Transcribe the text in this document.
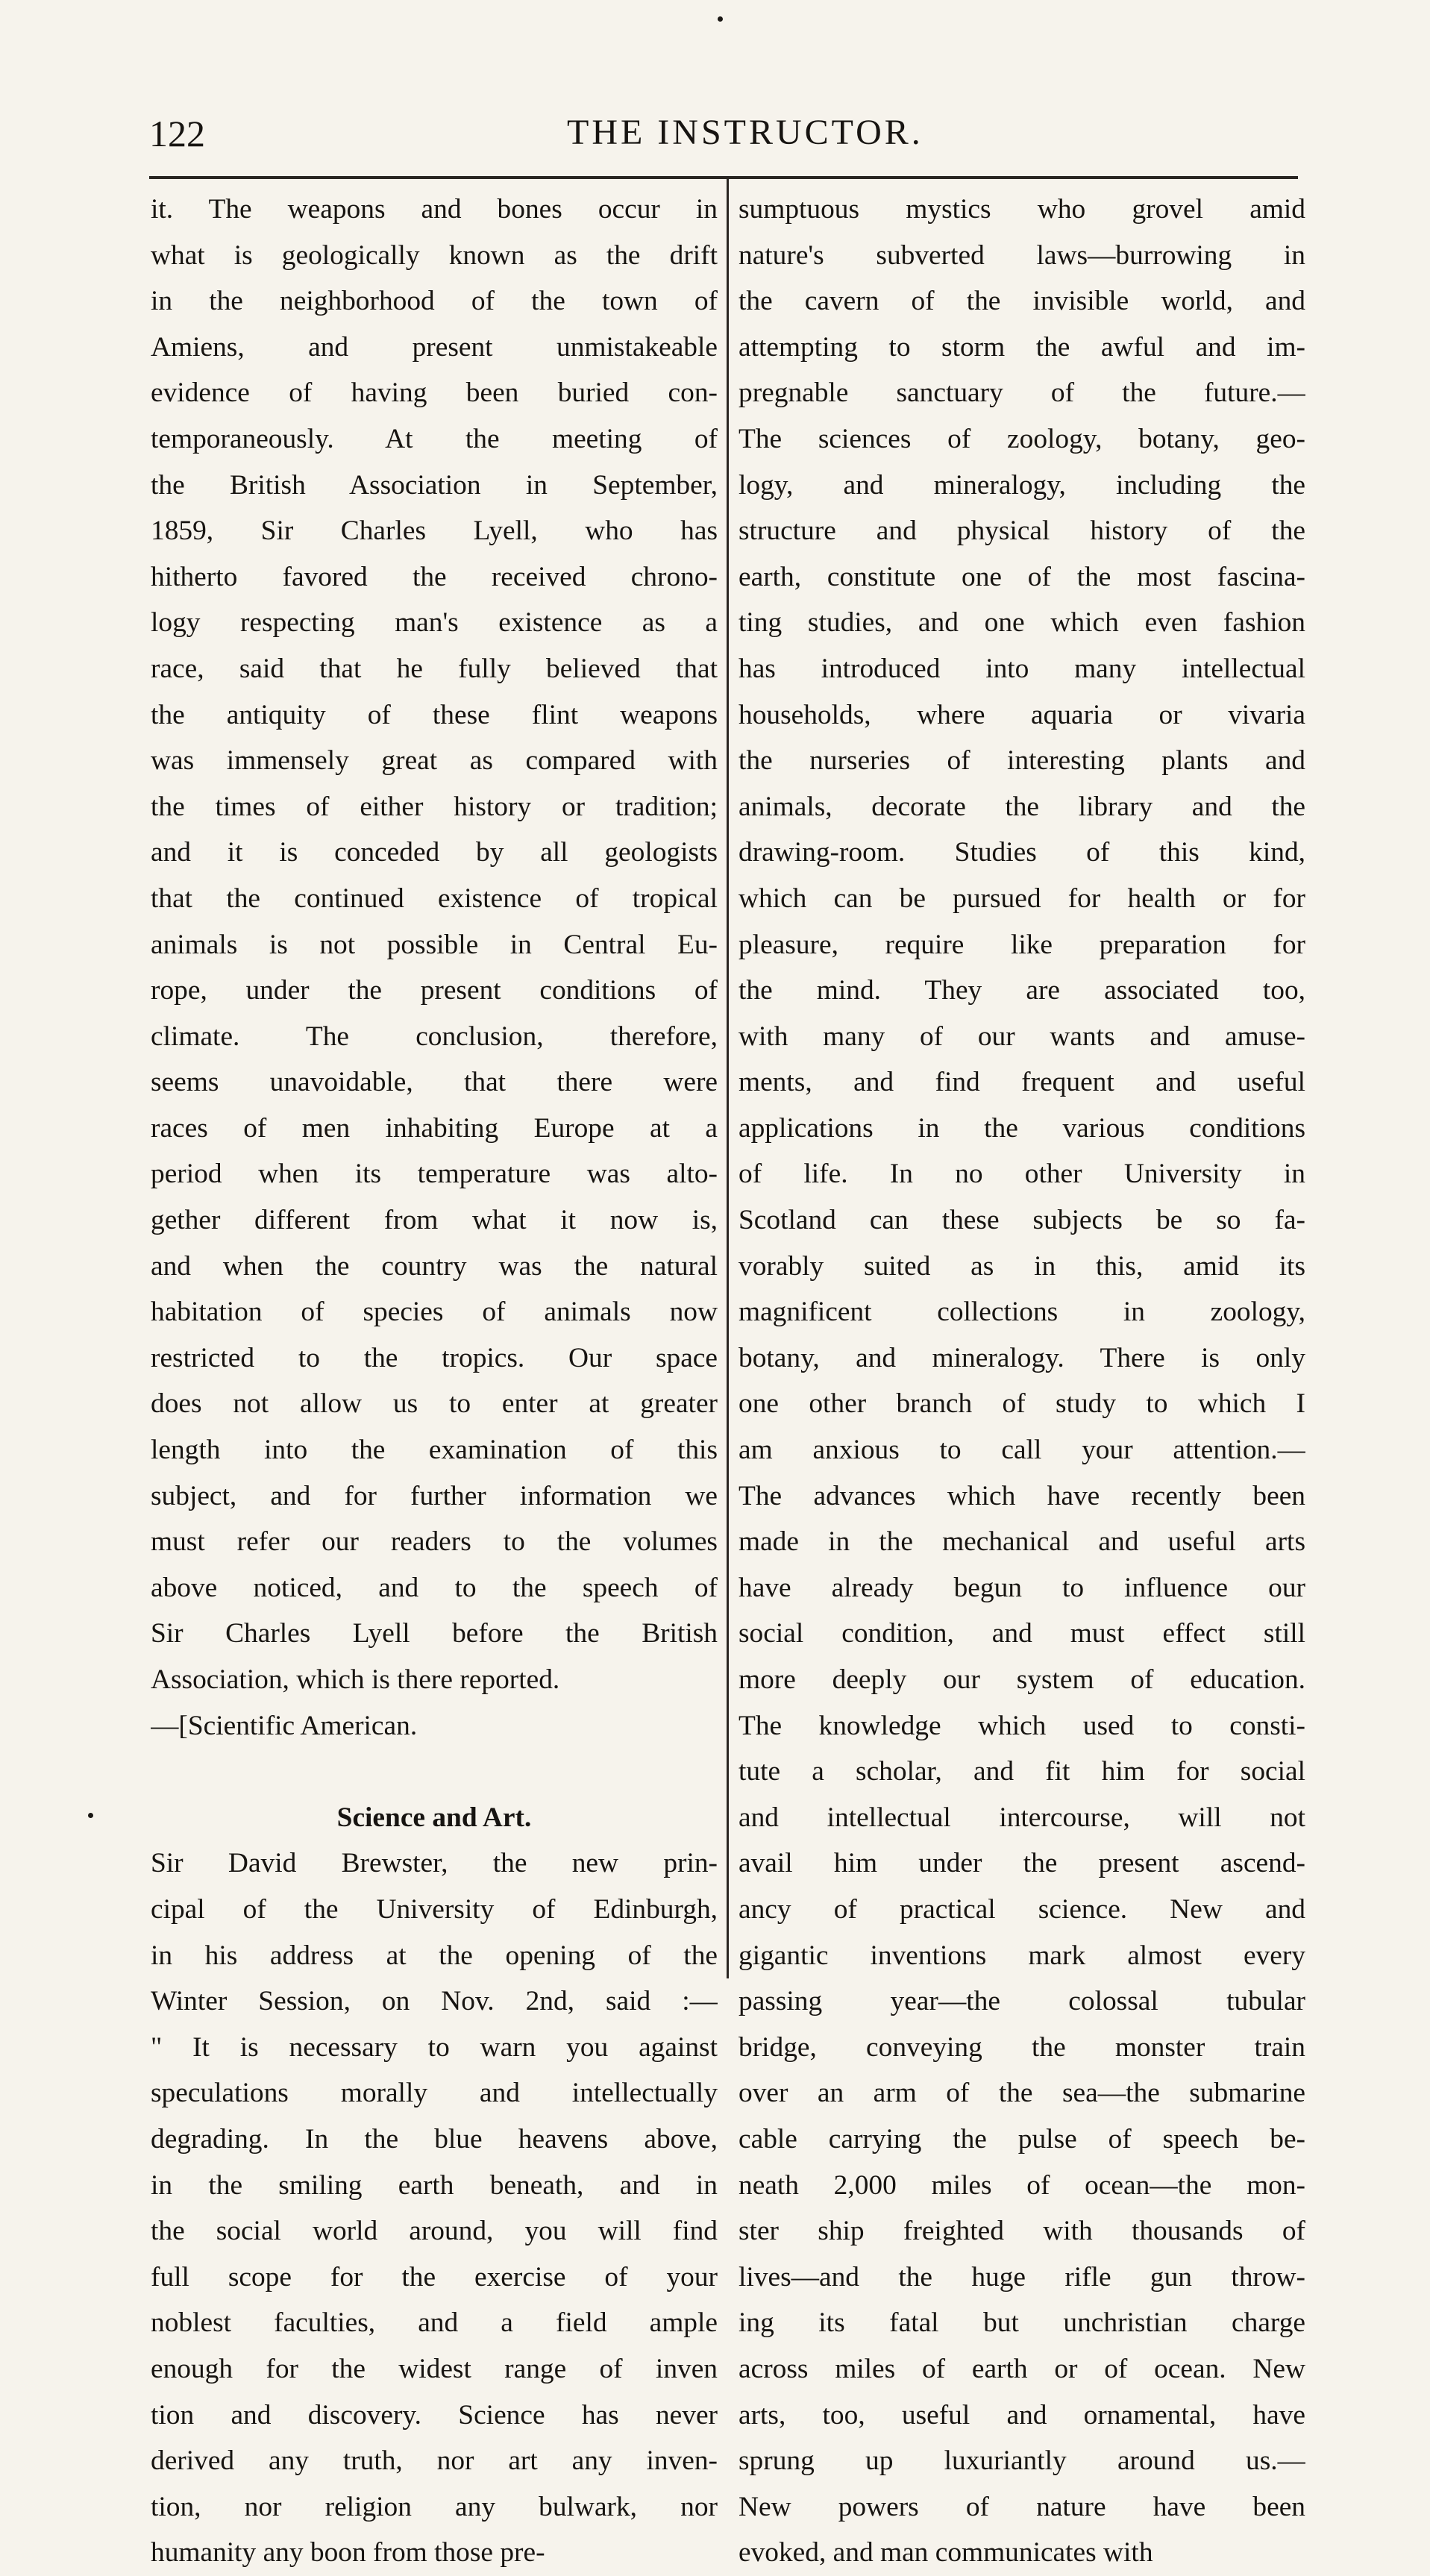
122	THE INSTRUCTOR.
it. The weapons and bones occur in
what is geologically known as the drift
in the neighborhood of the town of
Amiens, and present unmistakeable
evidence of having been buried con-
temporaneously. At the meeting of
the British Association in September,
1859, Sir Charles Lyell, who has
hitherto favored the received chrono-
logy respecting man's existence as a
race, said that he fully believed that
the antiquity of these flint weapons
was immensely great as compared with
the times of either history or tradition;
and it is conceded by all geologists
that the continued existence of tropical
animals is not possible in Central Eu-
rope, under the present conditions of
climate. The conclusion, therefore,
seems unavoidable, that there were
races of men inhabiting Europe at a
period when its temperature was alto-
gether different from what it now is,
and when the country was the natural
habitation of species of animals now
restricted to the tropics. Our space
does not allow us to enter at greater
length into the examination of this
subject, and for further information we
must refer our readers to the volumes
above noticed, and to the speech of
Sir Charles Lyell before the British
Association, which is there reported.
—[Scientific American.
Science and Art.
Sir David Brewster, the new prin-
cipal of the University of Edinburgh,
in his address at the opening of the
Winter Session, on Nov. 2nd, said :—
" It is necessary to warn you against
speculations morally and intellectually
degrading. In the blue heavens above,
in the smiling earth beneath, and in
the social world around, you will find
full scope for the exercise of your
noblest faculties, and a field ample
enough for the widest range of inven
tion and discovery. Science has never
derived any truth, nor art any inven-
tion, nor religion any bulwark, nor
humanity any boon from those pre-
sumptuous mystics who grovel amid
nature's subverted laws—burrowing in
the cavern of the invisible world, and
attempting to storm the awful and im-
pregnable sanctuary of the future.—
The sciences of zoology, botany, geo-
logy, and mineralogy, including the
structure and physical history of the
earth, constitute one of the most fascina-
ting studies, and one which even fashion
has introduced into many intellectual
households, where aquaria or vivaria
the nurseries of interesting plants and
animals, decorate the library and the
drawing-room. Studies of this kind,
which can be pursued for health or for
pleasure, require like preparation for
the mind. They are associated too,
with many of our wants and amuse-
ments, and find frequent and useful
applications in the various conditions
of life. In no other University in
Scotland can these subjects be so fa-
vorably suited as in this, amid its
magnificent collections in zoology,
botany, and mineralogy. There is only
one other branch of study to which I
am anxious to call your attention.—
The advances which have recently been
made in the mechanical and useful arts
have already begun to influence our
social condition, and must effect still
more deeply our system of education.
The knowledge which used to consti-
tute a scholar, and fit him for social
and intellectual intercourse, will not
avail him under the present ascend-
ancy of practical science. New and
gigantic inventions mark almost every
passing year—the colossal tubular
bridge, conveying the monster train
over an arm of the sea—the submarine
cable carrying the pulse of speech be-
neath 2,000 miles of ocean—the mon-
ster ship freighted with thousands of
lives—and the huge rifle gun throw-
ing its fatal but unchristian charge
across miles of earth or of ocean. New
arts, too, useful and ornamental, have
sprung up luxuriantly around us.—
New powers of nature have been
evoked, and man communicates with
